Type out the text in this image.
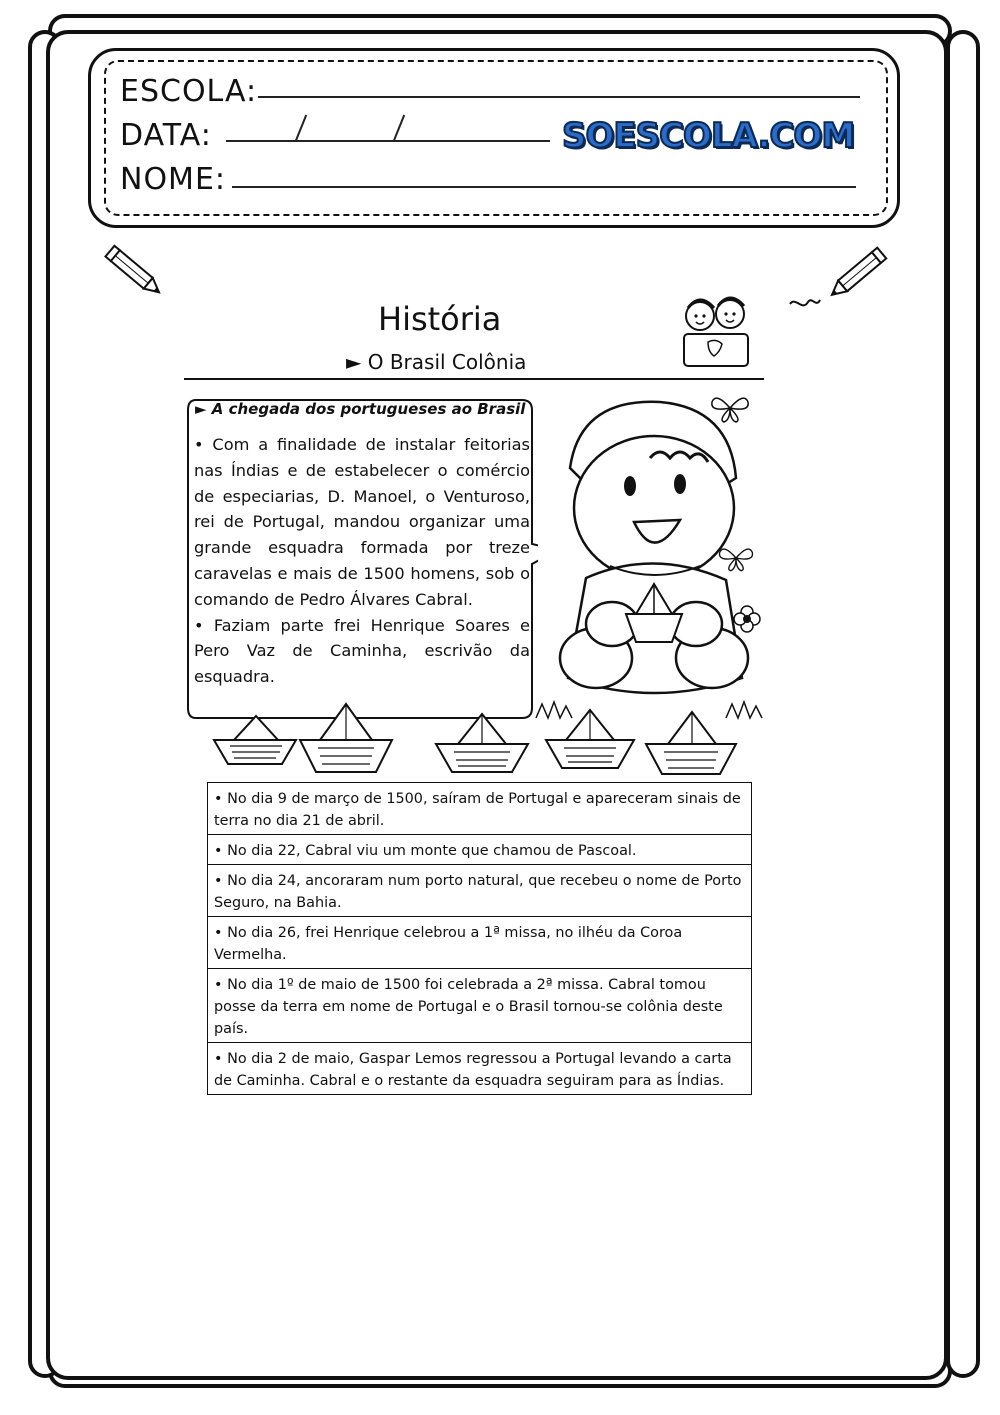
ESCOLA:
DATA:
NOME:
SOESCOLA.COM
História
► O Brasil Colônia
► A chegada dos portugueses ao Brasil

• Com a finalidade de instalar feitorias nas Índias e de estabelecer o comércio de especiarias, D. Manoel, o Venturoso, rei de Portugal, mandou organizar uma grande esquadra formada por treze caravelas e mais de 1500 homens, sob o comando de Pedro Álvares Cabral.

• Faziam parte frei Henrique Soares e Pero Vaz de Caminha, escrivão da esquadra.

• No dia 9 de março de 1500, saíram de Portugal e apareceram sinais de terra no dia 21 de abril.
• No dia 22, Cabral viu um monte que chamou de Pascoal.
• No dia 24, ancoraram num porto natural, que recebeu o nome de Porto Seguro, na Bahia.
• No dia 26, frei Henrique celebrou a 1ª missa, no ilhéu da Coroa Vermelha.
• No dia 1º de maio de 1500 foi celebrada a 2ª missa. Cabral tomou posse da terra em nome de Portugal e o Brasil tornou-se colônia deste país.
• No dia 2 de maio, Gaspar Lemos regressou a Portugal levando a carta de Caminha. Cabral e o restante da esquadra seguiram para as Índias.
